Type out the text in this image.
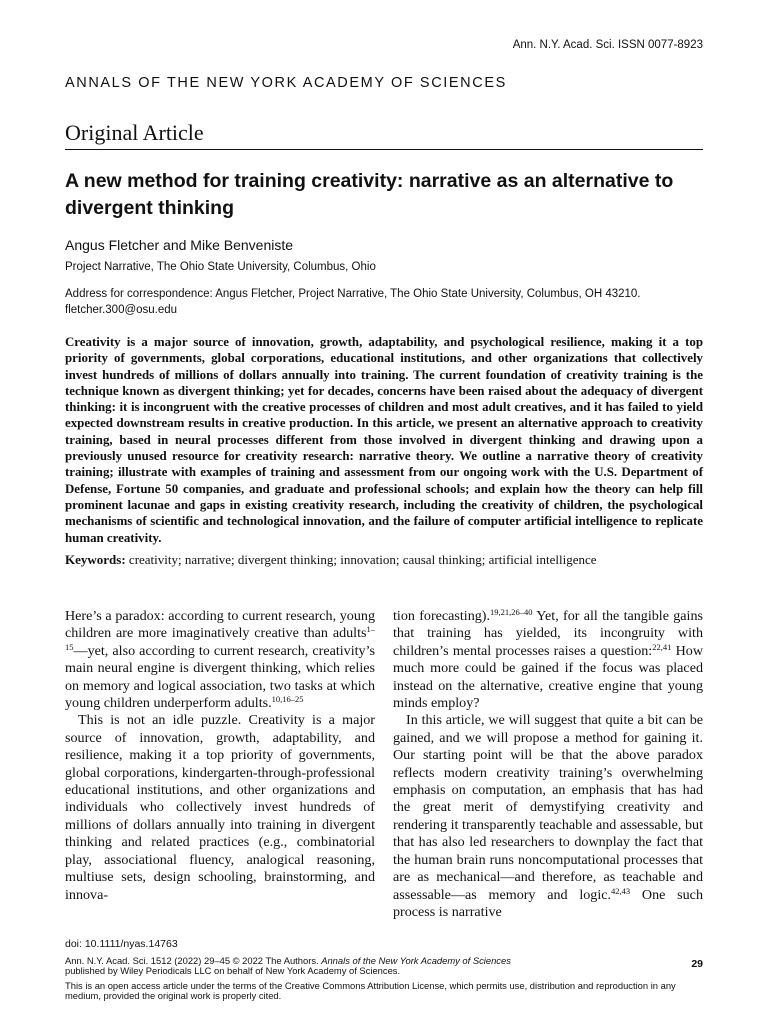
Ann. N.Y. Acad. Sci. ISSN 0077-8923
ANNALS OF THE NEW YORK ACADEMY OF SCIENCES
Original Article
A new method for training creativity: narrative as an alternative to divergent thinking
Angus Fletcher and Mike Benveniste
Project Narrative, The Ohio State University, Columbus, Ohio
Address for correspondence: Angus Fletcher, Project Narrative, The Ohio State University, Columbus, OH 43210. fletcher.300@osu.edu
Creativity is a major source of innovation, growth, adaptability, and psychological resilience, making it a top priority of governments, global corporations, educational institutions, and other organizations that collectively invest hundreds of millions of dollars annually into training. The current foundation of creativity training is the technique known as divergent thinking; yet for decades, concerns have been raised about the adequacy of divergent thinking: it is incongruent with the creative processes of children and most adult creatives, and it has failed to yield expected downstream results in creative production. In this article, we present an alternative approach to creativity training, based in neural processes different from those involved in divergent thinking and drawing upon a previously unused resource for creativity research: narrative theory. We outline a narrative theory of creativity training; illustrate with examples of training and assessment from our ongoing work with the U.S. Department of Defense, Fortune 50 companies, and graduate and professional schools; and explain how the theory can help fill prominent lacunae and gaps in existing creativity research, including the creativity of children, the psychological mechanisms of scientific and technological innovation, and the failure of computer artificial intelligence to replicate human creativity.
Keywords: creativity; narrative; divergent thinking; innovation; causal thinking; artificial intelligence

Here’s a paradox: according to current research, young children are more imaginatively creative than adults$^{1-15}$—yet, also according to current research, creativity’s main neural engine is divergent thinking, which relies on memory and logical association, two tasks at which young children underperform adults.$^{10,16-25}$

This is not an idle puzzle. Creativity is a major source of innovation, growth, adaptability, and resilience, making it a top priority of governments, global corporations, kindergarten-through-professional educational institutions, and other organizations and individuals who collectively invest hundreds of millions of dollars annually into training in divergent thinking and related practices (e.g., combinatorial play, associational fluency, analogical reasoning, multiuse sets, design schooling, brainstorming, and innova-

tion forecasting).$^{19,21,26-40}$ Yet, for all the tangible gains that training has yielded, its incongruity with children’s mental processes raises a question:$^{22,41}$ How much more could be gained if the focus was placed instead on the alternative, creative engine that young minds employ?

In this article, we will suggest that quite a bit can be gained, and we will propose a method for gaining it. Our starting point will be that the above paradox reflects modern creativity training’s overwhelming emphasis on computation, an emphasis that has had the great merit of demystifying creativity and rendering it transparently teachable and assessable, but that has also led researchers to downplay the fact that the human brain runs noncomputational processes that are as mechanical—and therefore, as teachable and assessable—as memory and logic.$^{42,43}$ One such process is narrative

doi: 10.1111/nyas.14763
Ann. N.Y. Acad. Sci. 1512 (2022) 29–45 © 2022 The Authors. Annals of the New York Academy of Sciences
published by Wiley Periodicals LLC on behalf of New York Academy of Sciences.
29
This is an open access article under the terms of the Creative Commons Attribution License, which permits use, distribution and reproduction in any medium, provided the original work is properly cited.
